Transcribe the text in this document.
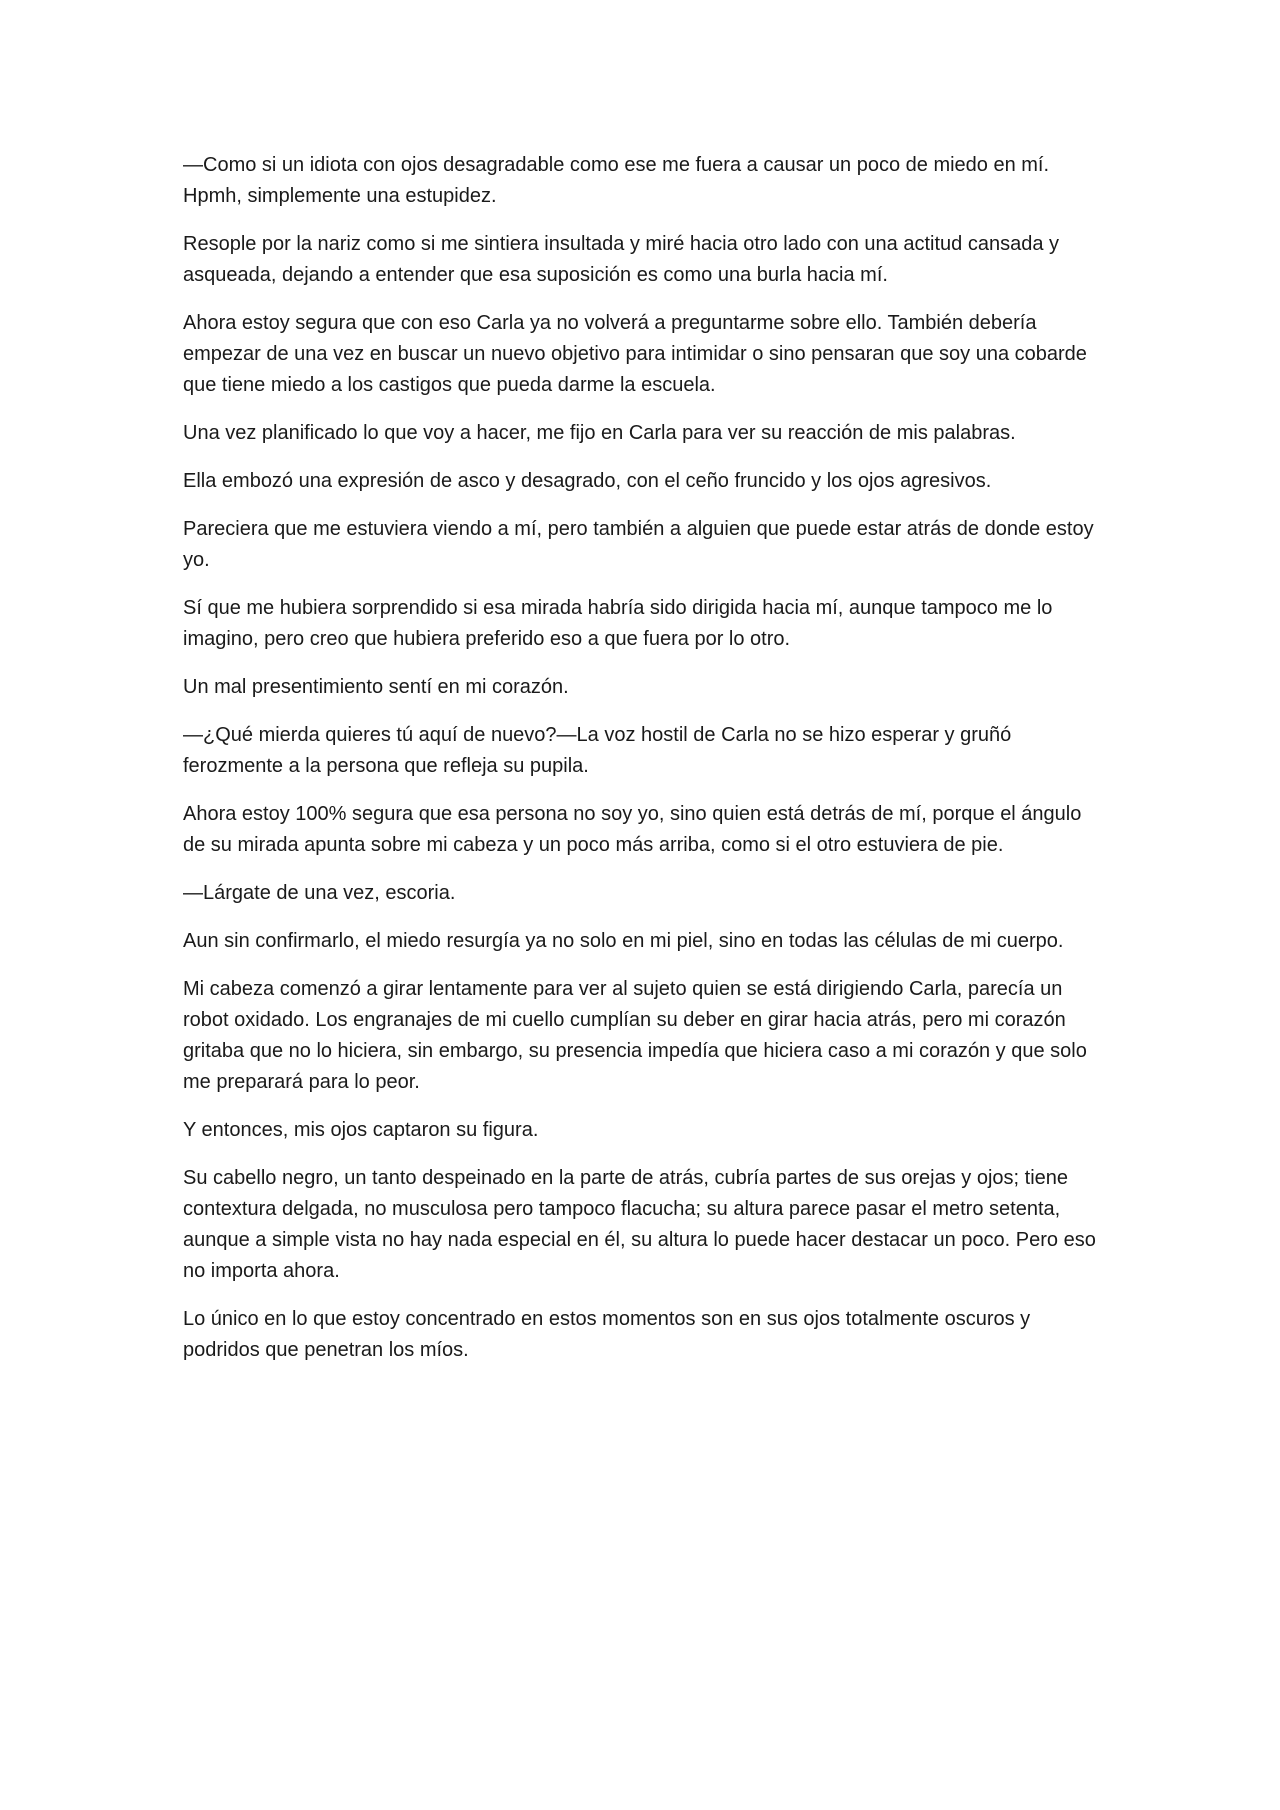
—Como si un idiota con ojos desagradable como ese me fuera a causar un poco de miedo en mí. Hpmh, simplemente una estupidez.

Resople por la nariz como si me sintiera insultada y miré hacia otro lado con una actitud cansada y asqueada, dejando a entender que esa suposición es como una burla hacia mí.

Ahora estoy segura que con eso Carla ya no volverá a preguntarme sobre ello. También debería empezar de una vez en buscar un nuevo objetivo para intimidar o sino pensaran que soy una cobarde que tiene miedo a los castigos que pueda darme la escuela.

Una vez planificado lo que voy a hacer, me fijo en Carla para ver su reacción de mis palabras.

Ella embozó una expresión de asco y desagrado, con el ceño fruncido y los ojos agresivos.

Pareciera que me estuviera viendo a mí, pero también a alguien que puede estar atrás de donde estoy yo.

Sí que me hubiera sorprendido si esa mirada habría sido dirigida hacia mí, aunque tampoco me lo imagino, pero creo que hubiera preferido eso a que fuera por lo otro.

Un mal presentimiento sentí en mi corazón.

—¿Qué mierda quieres tú aquí de nuevo?—La voz hostil de Carla no se hizo esperar y gruñó ferozmente a la persona que refleja su pupila.

Ahora estoy 100% segura que esa persona no soy yo, sino quien está detrás de mí, porque el ángulo de su mirada apunta sobre mi cabeza y un poco más arriba, como si el otro estuviera de pie.

—Lárgate de una vez, escoria.

Aun sin confirmarlo, el miedo resurgía ya no solo en mi piel, sino en todas las células de mi cuerpo.

Mi cabeza comenzó a girar lentamente para ver al sujeto quien se está dirigiendo Carla, parecía un robot oxidado. Los engranajes de mi cuello cumplían su deber en girar hacia atrás, pero mi corazón gritaba que no lo hiciera, sin embargo, su presencia impedía que hiciera caso a mi corazón y que solo me preparará para lo peor.

Y entonces, mis ojos captaron su figura.

Su cabello negro, un tanto despeinado en la parte de atrás, cubría partes de sus orejas y ojos; tiene contextura delgada, no musculosa pero tampoco flacucha; su altura parece pasar el metro setenta, aunque a simple vista no hay nada especial en él, su altura lo puede hacer destacar un poco. Pero eso no importa ahora.

Lo único en lo que estoy concentrado en estos momentos son en sus ojos totalmente oscuros y podridos que penetran los míos.
